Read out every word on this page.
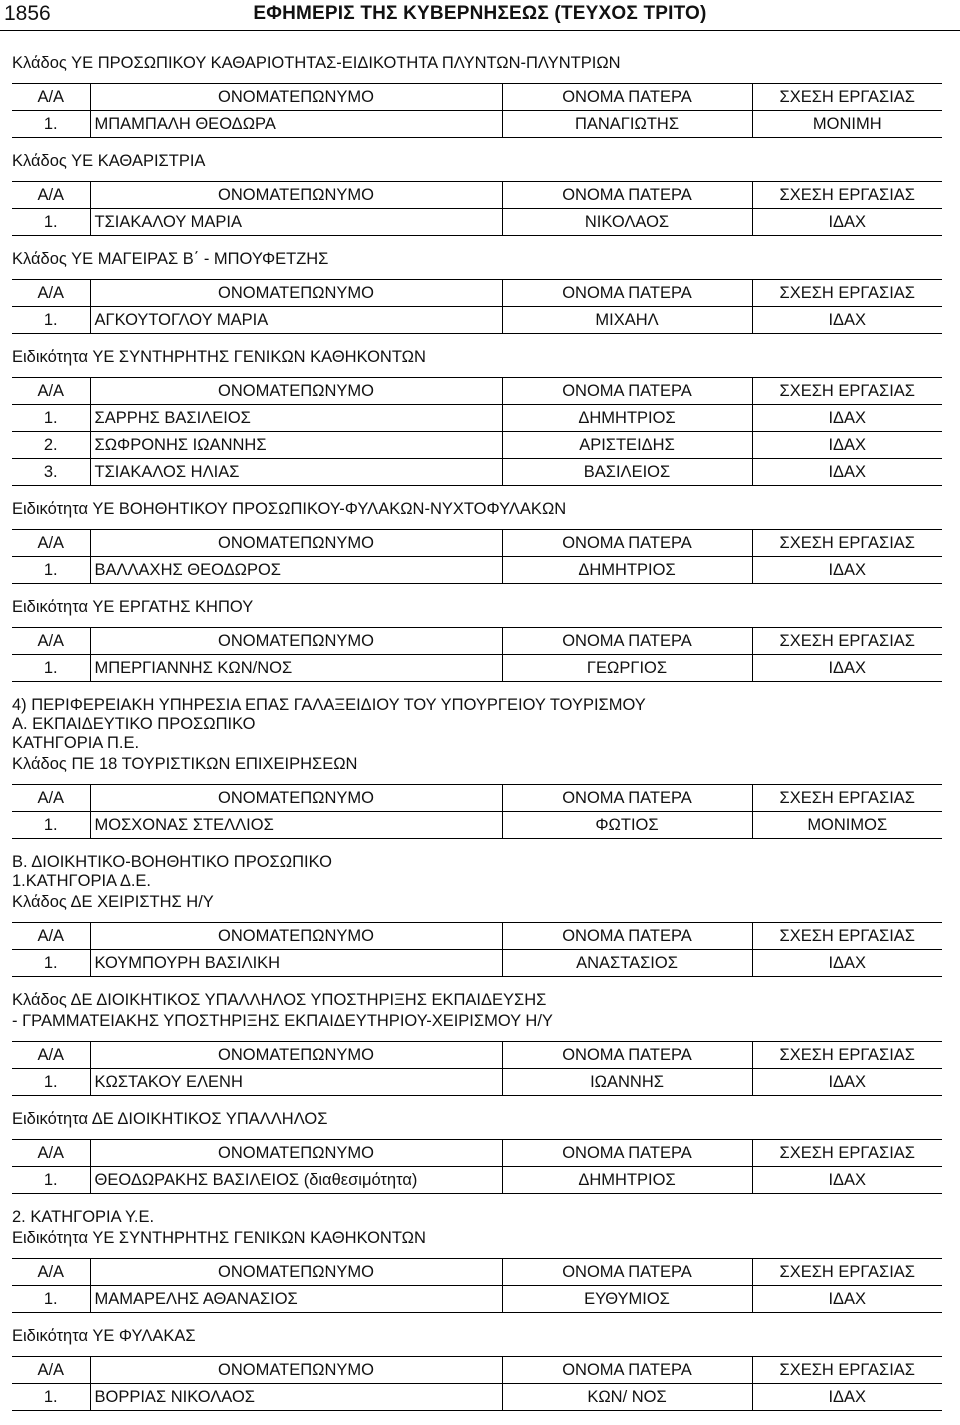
1856	ΕΦΗΜΕΡΙΣ ΤΗΣ ΚΥΒΕΡΝΗΣΕΩΣ (ΤΕΥΧΟΣ ΤΡΙΤΟ)
Κλάδος ΥΕ ΠΡΟΣΩΠΙΚΟΥ ΚΑΘΑΡΙΟΤΗΤΑΣ-ΕΙΔΙΚΟΤΗΤΑ ΠΛΥΝΤΩΝ-ΠΛΥΝΤΡΙΩΝ
Α/Α	ΟΝΟΜΑΤΕΠΩΝΥΜΟ	ΟΝΟΜΑ ΠΑΤΕΡΑ	ΣΧΕΣΗ ΕΡΓΑΣΙΑΣ
1.	ΜΠΑΜΠΑΛΗ ΘΕΟΔΩΡΑ	ΠΑΝΑΓΙΩΤΗΣ	ΜΟΝΙΜΗ
Κλάδος ΥΕ ΚΑΘΑΡΙΣΤΡΙΑ
Α/Α	ΟΝΟΜΑΤΕΠΩΝΥΜΟ	ΟΝΟΜΑ ΠΑΤΕΡΑ	ΣΧΕΣΗ ΕΡΓΑΣΙΑΣ
1.	ΤΣΙΑΚΑΛΟΥ ΜΑΡΙΑ	ΝΙΚΟΛΑΟΣ	ΙΔΑΧ
Κλάδος ΥΕ ΜΑΓΕΙΡΑΣ Β΄ - ΜΠΟΥΦΕΤΖΗΣ
Α/Α	ΟΝΟΜΑΤΕΠΩΝΥΜΟ	ΟΝΟΜΑ ΠΑΤΕΡΑ	ΣΧΕΣΗ ΕΡΓΑΣΙΑΣ
1.	ΑΓΚΟΥΤΟΓΛΟΥ ΜΑΡΙΑ	ΜΙΧΑΗΛ	ΙΔΑΧ
Ειδικότητα ΥΕ ΣΥΝΤΗΡΗΤΗΣ ΓΕΝΙΚΩΝ ΚΑΘΗΚΟΝΤΩΝ
Α/Α	ΟΝΟΜΑΤΕΠΩΝΥΜΟ	ΟΝΟΜΑ ΠΑΤΕΡΑ	ΣΧΕΣΗ ΕΡΓΑΣΙΑΣ
1.	ΣΑΡΡΗΣ ΒΑΣΙΛΕΙΟΣ	ΔΗΜΗΤΡΙΟΣ	ΙΔΑΧ
2.	ΣΩΦΡΟΝΗΣ ΙΩΑΝΝΗΣ	ΑΡΙΣΤΕΙΔΗΣ	ΙΔΑΧ
3.	ΤΣΙΑΚΑΛΟΣ ΗΛΙΑΣ	ΒΑΣΙΛΕΙΟΣ	ΙΔΑΧ
Ειδικότητα ΥΕ ΒΟΗΘΗΤΙΚΟΥ ΠΡΟΣΩΠΙΚΟΥ-ΦΥΛΑΚΩΝ-ΝΥΧΤΟΦΥΛΑΚΩΝ
Α/Α	ΟΝΟΜΑΤΕΠΩΝΥΜΟ	ΟΝΟΜΑ ΠΑΤΕΡΑ	ΣΧΕΣΗ ΕΡΓΑΣΙΑΣ
1.	ΒΑΛΛΑΧΗΣ ΘΕΟΔΩΡΟΣ	ΔΗΜΗΤΡΙΟΣ	ΙΔΑΧ
Ειδικότητα ΥΕ ΕΡΓΑΤΗΣ ΚΗΠΟΥ
Α/Α	ΟΝΟΜΑΤΕΠΩΝΥΜΟ	ΟΝΟΜΑ ΠΑΤΕΡΑ	ΣΧΕΣΗ ΕΡΓΑΣΙΑΣ
1.	ΜΠΕΡΓΙΑΝΝΗΣ ΚΩΝ/ΝΟΣ	ΓΕΩΡΓΙΟΣ	ΙΔΑΧ
4) ΠΕΡΙΦΕΡΕΙΑΚΗ ΥΠΗΡΕΣΙΑ ΕΠΑΣ ΓΑΛΑΞΕΙΔΙΟΥ ΤΟΥ ΥΠΟΥΡΓΕΙΟΥ ΤΟΥΡΙΣΜΟΥ
Α. ΕΚΠΑΙΔΕΥΤΙΚΟ ΠΡΟΣΩΠΙΚΟ
ΚΑΤΗΓΟΡΙΑ Π.Ε.
Κλάδος ΠΕ 18 ΤΟΥΡΙΣΤΙΚΩΝ ΕΠΙΧΕΙΡΗΣΕΩΝ
Α/Α	ΟΝΟΜΑΤΕΠΩΝΥΜΟ	ΟΝΟΜΑ ΠΑΤΕΡΑ	ΣΧΕΣΗ ΕΡΓΑΣΙΑΣ
1.	ΜΟΣΧΟΝΑΣ ΣΤΕΛΛΙΟΣ	ΦΩΤΙΟΣ	ΜΟΝΙΜΟΣ
Β. ΔΙΟΙΚΗΤΙΚΟ-ΒΟΗΘΗΤΙΚΟ ΠΡΟΣΩΠΙΚΟ
1.ΚΑΤΗΓΟΡΙΑ Δ.Ε.
Κλάδος ΔΕ ΧΕΙΡΙΣΤΗΣ Η/Υ
Α/Α	ΟΝΟΜΑΤΕΠΩΝΥΜΟ	ΟΝΟΜΑ ΠΑΤΕΡΑ	ΣΧΕΣΗ ΕΡΓΑΣΙΑΣ
1.	ΚΟΥΜΠΟΥΡΗ ΒΑΣΙΛΙΚΗ	ΑΝΑΣΤΑΣΙΟΣ	ΙΔΑΧ
Κλάδος ΔΕ ΔΙΟΙΚΗΤΙΚΟΣ ΥΠΑΛΛΗΛΟΣ ΥΠΟΣΤΗΡΙΞΗΣ ΕΚΠΑΙΔΕΥΣΗΣ
- ΓΡΑΜΜΑΤΕΙΑΚΗΣ ΥΠΟΣΤΗΡΙΞΗΣ ΕΚΠΑΙΔΕΥΤΗΡΙΟΥ-ΧΕΙΡΙΣΜΟΥ Η/Υ
Α/Α	ΟΝΟΜΑΤΕΠΩΝΥΜΟ	ΟΝΟΜΑ ΠΑΤΕΡΑ	ΣΧΕΣΗ ΕΡΓΑΣΙΑΣ
1.	ΚΩΣΤΑΚΟΥ ΕΛΕΝΗ	ΙΩΑΝΝΗΣ	ΙΔΑΧ
Ειδικότητα ΔΕ ΔΙΟΙΚΗΤΙΚΟΣ ΥΠΑΛΛΗΛΟΣ
Α/Α	ΟΝΟΜΑΤΕΠΩΝΥΜΟ	ΟΝΟΜΑ ΠΑΤΕΡΑ	ΣΧΕΣΗ ΕΡΓΑΣΙΑΣ
1.	ΘΕΟΔΩΡΑΚΗΣ ΒΑΣΙΛΕΙΟΣ (διαθεσιμότητα)	ΔΗΜΗΤΡΙΟΣ	ΙΔΑΧ
2. ΚΑΤΗΓΟΡΙΑ Υ.Ε.
Ειδικότητα ΥΕ ΣΥΝΤΗΡΗΤΗΣ ΓΕΝΙΚΩΝ ΚΑΘΗΚΟΝΤΩΝ
Α/Α	ΟΝΟΜΑΤΕΠΩΝΥΜΟ	ΟΝΟΜΑ ΠΑΤΕΡΑ	ΣΧΕΣΗ ΕΡΓΑΣΙΑΣ
1.	ΜΑΜΑΡΕΛΗΣ ΑΘΑΝΑΣΙΟΣ	ΕΥΘΥΜΙΟΣ	ΙΔΑΧ
Ειδικότητα ΥΕ ΦΥΛΑΚΑΣ
Α/Α	ΟΝΟΜΑΤΕΠΩΝΥΜΟ	ΟΝΟΜΑ ΠΑΤΕΡΑ	ΣΧΕΣΗ ΕΡΓΑΣΙΑΣ
1.	ΒΟΡΡΙΑΣ ΝΙΚΟΛΑΟΣ	ΚΩΝ/ ΝΟΣ	ΙΔΑΧ
